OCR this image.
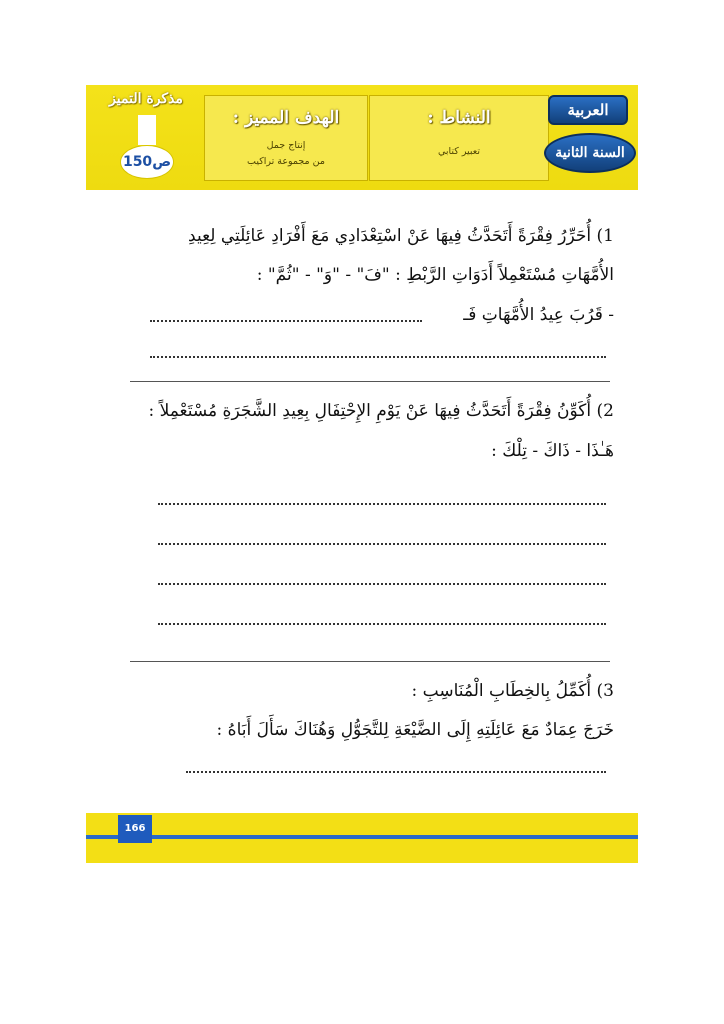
مذكرة التميز
ص150
الهدف المميز :
إنتاج جمل
من مجموعة تراكيب
النشاط :
تعبير كتابي
العربية
السنة الثانية
1) أُحَرِّرُ فِقْرَةً أَتَحَدَّثُ فِيهَا عَنْ اسْتِعْدَادِي مَعَ أَفْرَادِ عَائِلَتِي لِعِيدِ
الأُمَّهَاتِ مُسْتَعْمِلاً أَدَوَاتِ الرَّبْطِ : "فَ" - "وَ" - "ثُمَّ" :
- قَرُبَ عِيدُ الأُمَّهَاتِ فَـ
2) أُكَوِّنُ فِقْرَةً أَتَحَدَّثُ فِيهَا عَنْ يَوْمِ الإِحْتِفَالِ بِعِيدِ الشَّجَرَةِ مُسْتَعْمِلاً :
هَـٰذَا - ذَاكَ - تِلْكَ :
3) أُكَمِّلُ بِالخِطَابِ الْمُنَاسِبِ :
خَرَجَ عِمَادٌ مَعَ عَائِلَتِهِ إِلَى الضَّيْعَةِ لِلتَّجَوُّلِ وَهُنَاكَ سَأَلَ أَبَاهُ :
166
